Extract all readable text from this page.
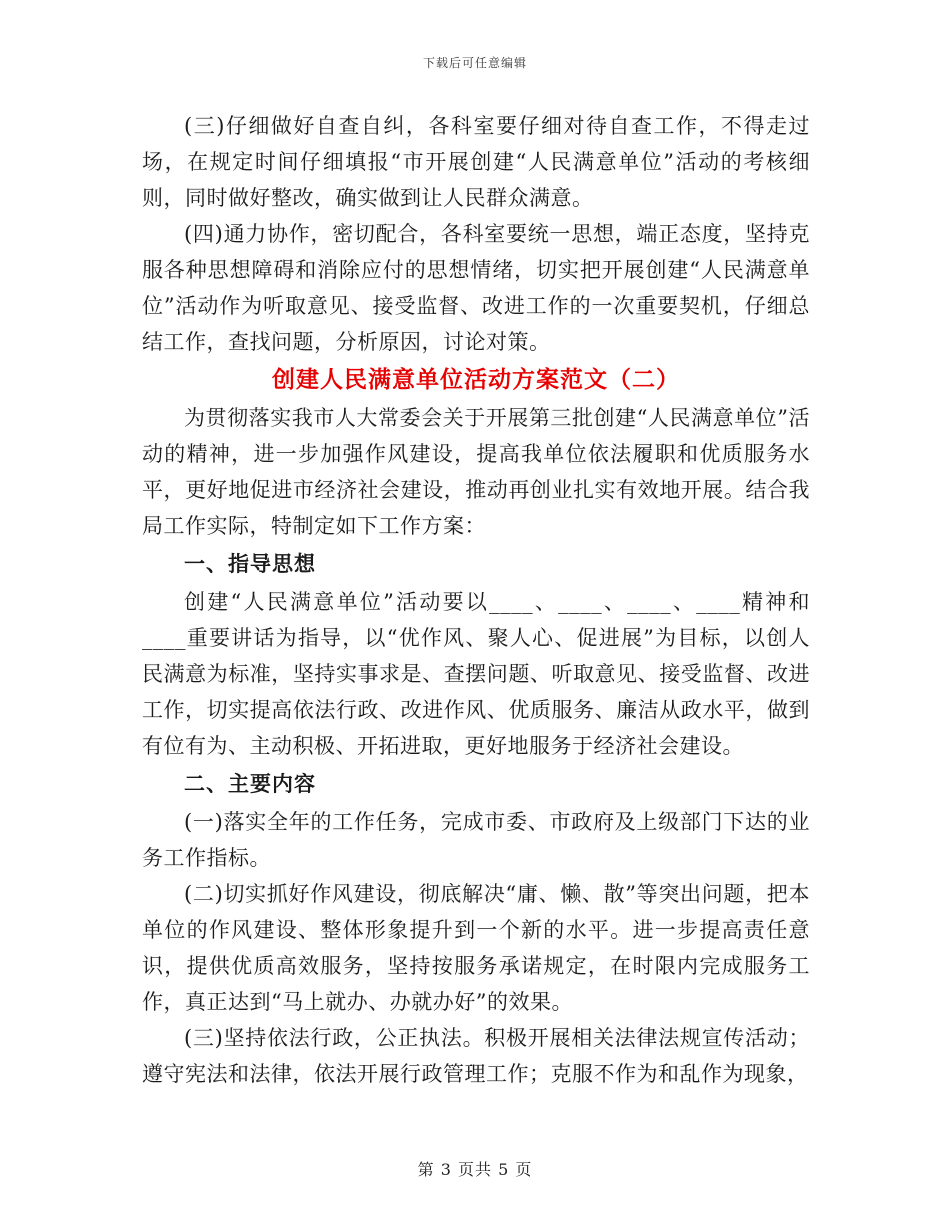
下载后可任意编辑

(三)仔细做好自查自纠，各科室要仔细对待自查工作，不得走过场，在规定时间仔细填报“市开展创建“人民满意单位”活动的考核细则，同时做好整改，确实做到让人民群众满意。

(四)通力协作，密切配合，各科室要统一思想，端正态度，坚持克服各种思想障碍和消除应付的思想情绪，切实把开展创建“人民满意单位”活动作为听取意见、接受监督、改进工作的一次重要契机，仔细总结工作，查找问题，分析原因，讨论对策。

创建人民满意单位活动方案范文（二）

为贯彻落实我市人大常委会关于开展第三批创建“人民满意单位”活动的精神，进一步加强作风建设，提高我单位依法履职和优质服务水平，更好地促进市经济社会建设，推动再创业扎实有效地开展。结合我局工作实际，特制定如下工作方案：

一、指导思想

创建“人民满意单位”活动要以____、____、____、____精神和____重要讲话为指导，以“优作风、聚人心、促进展”为目标，以创人民满意为标准，坚持实事求是、查摆问题、听取意见、接受监督、改进工作，切实提高依法行政、改进作风、优质服务、廉洁从政水平，做到有位有为、主动积极、开拓进取，更好地服务于经济社会建设。

二、主要内容

(一)落实全年的工作任务，完成市委、市政府及上级部门下达的业务工作指标。

(二)切实抓好作风建设，彻底解决“庸、懒、散”等突出问题，把本单位的作风建设、整体形象提升到一个新的水平。进一步提高责任意识，提供优质高效服务，坚持按服务承诺规定，在时限内完成服务工作，真正达到“马上就办、办就办好”的效果。

(三)坚持依法行政，公正执法。积极开展相关法律法规宣传活动；遵守宪法和法律，依法开展行政管理工作；克服不作为和乱作为现象，

第 3 页共 5 页
